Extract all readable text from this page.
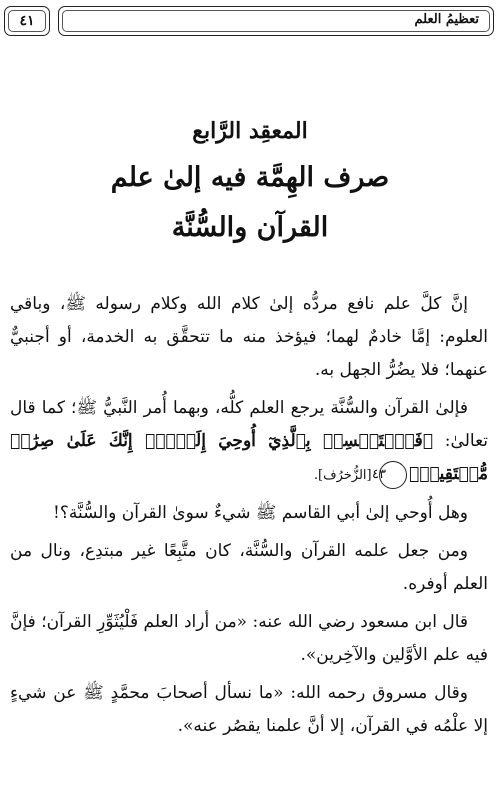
٤١	تعظيمُ العلم
المعقِد الرَّابع
صرف الهِمَّة فيه إلىٰ علم
القرآن والسُّنَّة

إنَّ كلَّ علم نافع مردُّه إلىٰ كلام الله وكلام رسوله ﷺ، وباقي العلوم: إمَّا خادمٌ لهما؛ فيؤخذ منه ما تتحقَّق به الخدمة، أو أجنبيٌّ عنهما؛ فلا يضُرُّ الجهل به.

فإلىٰ القرآن والسُّنَّة يرجع العلم كلُّه، وبهما أُمر النَّبيُّ ﷺ؛ كما قال تعالىٰ: ﴿فَٱسۡتَمۡسِكۡ بِٱلَّذِيٓ أُوحِيَ إِلَيۡكَۖ إِنَّكَ عَلَىٰ صِرَٰطٖ مُّسۡتَقِيمٖ﴾٤٣ [الزُّخرُف].

وهل أُوحي إلىٰ أبي القاسم ﷺ شيءٌ سوىٰ القرآن والسُّنَّة؟!

ومن جعل علمه القرآن والسُّنَّة، كان متَّبِعًا غير مبتدِع، ونال من العلم أوفره.

قال ابن مسعود رضي الله عنه: «من أراد العلم فَلْيُثَوِّرِ القرآن؛ فإنَّ فيه علم الأوَّلين والآخِرين».

وقال مسروق رحمه الله: «ما نسأل أصحابَ محمَّدٍ ﷺ عن شيءٍ إلا علْمُه في القرآن، إلا أنَّ علمنا يقصُر عنه».
